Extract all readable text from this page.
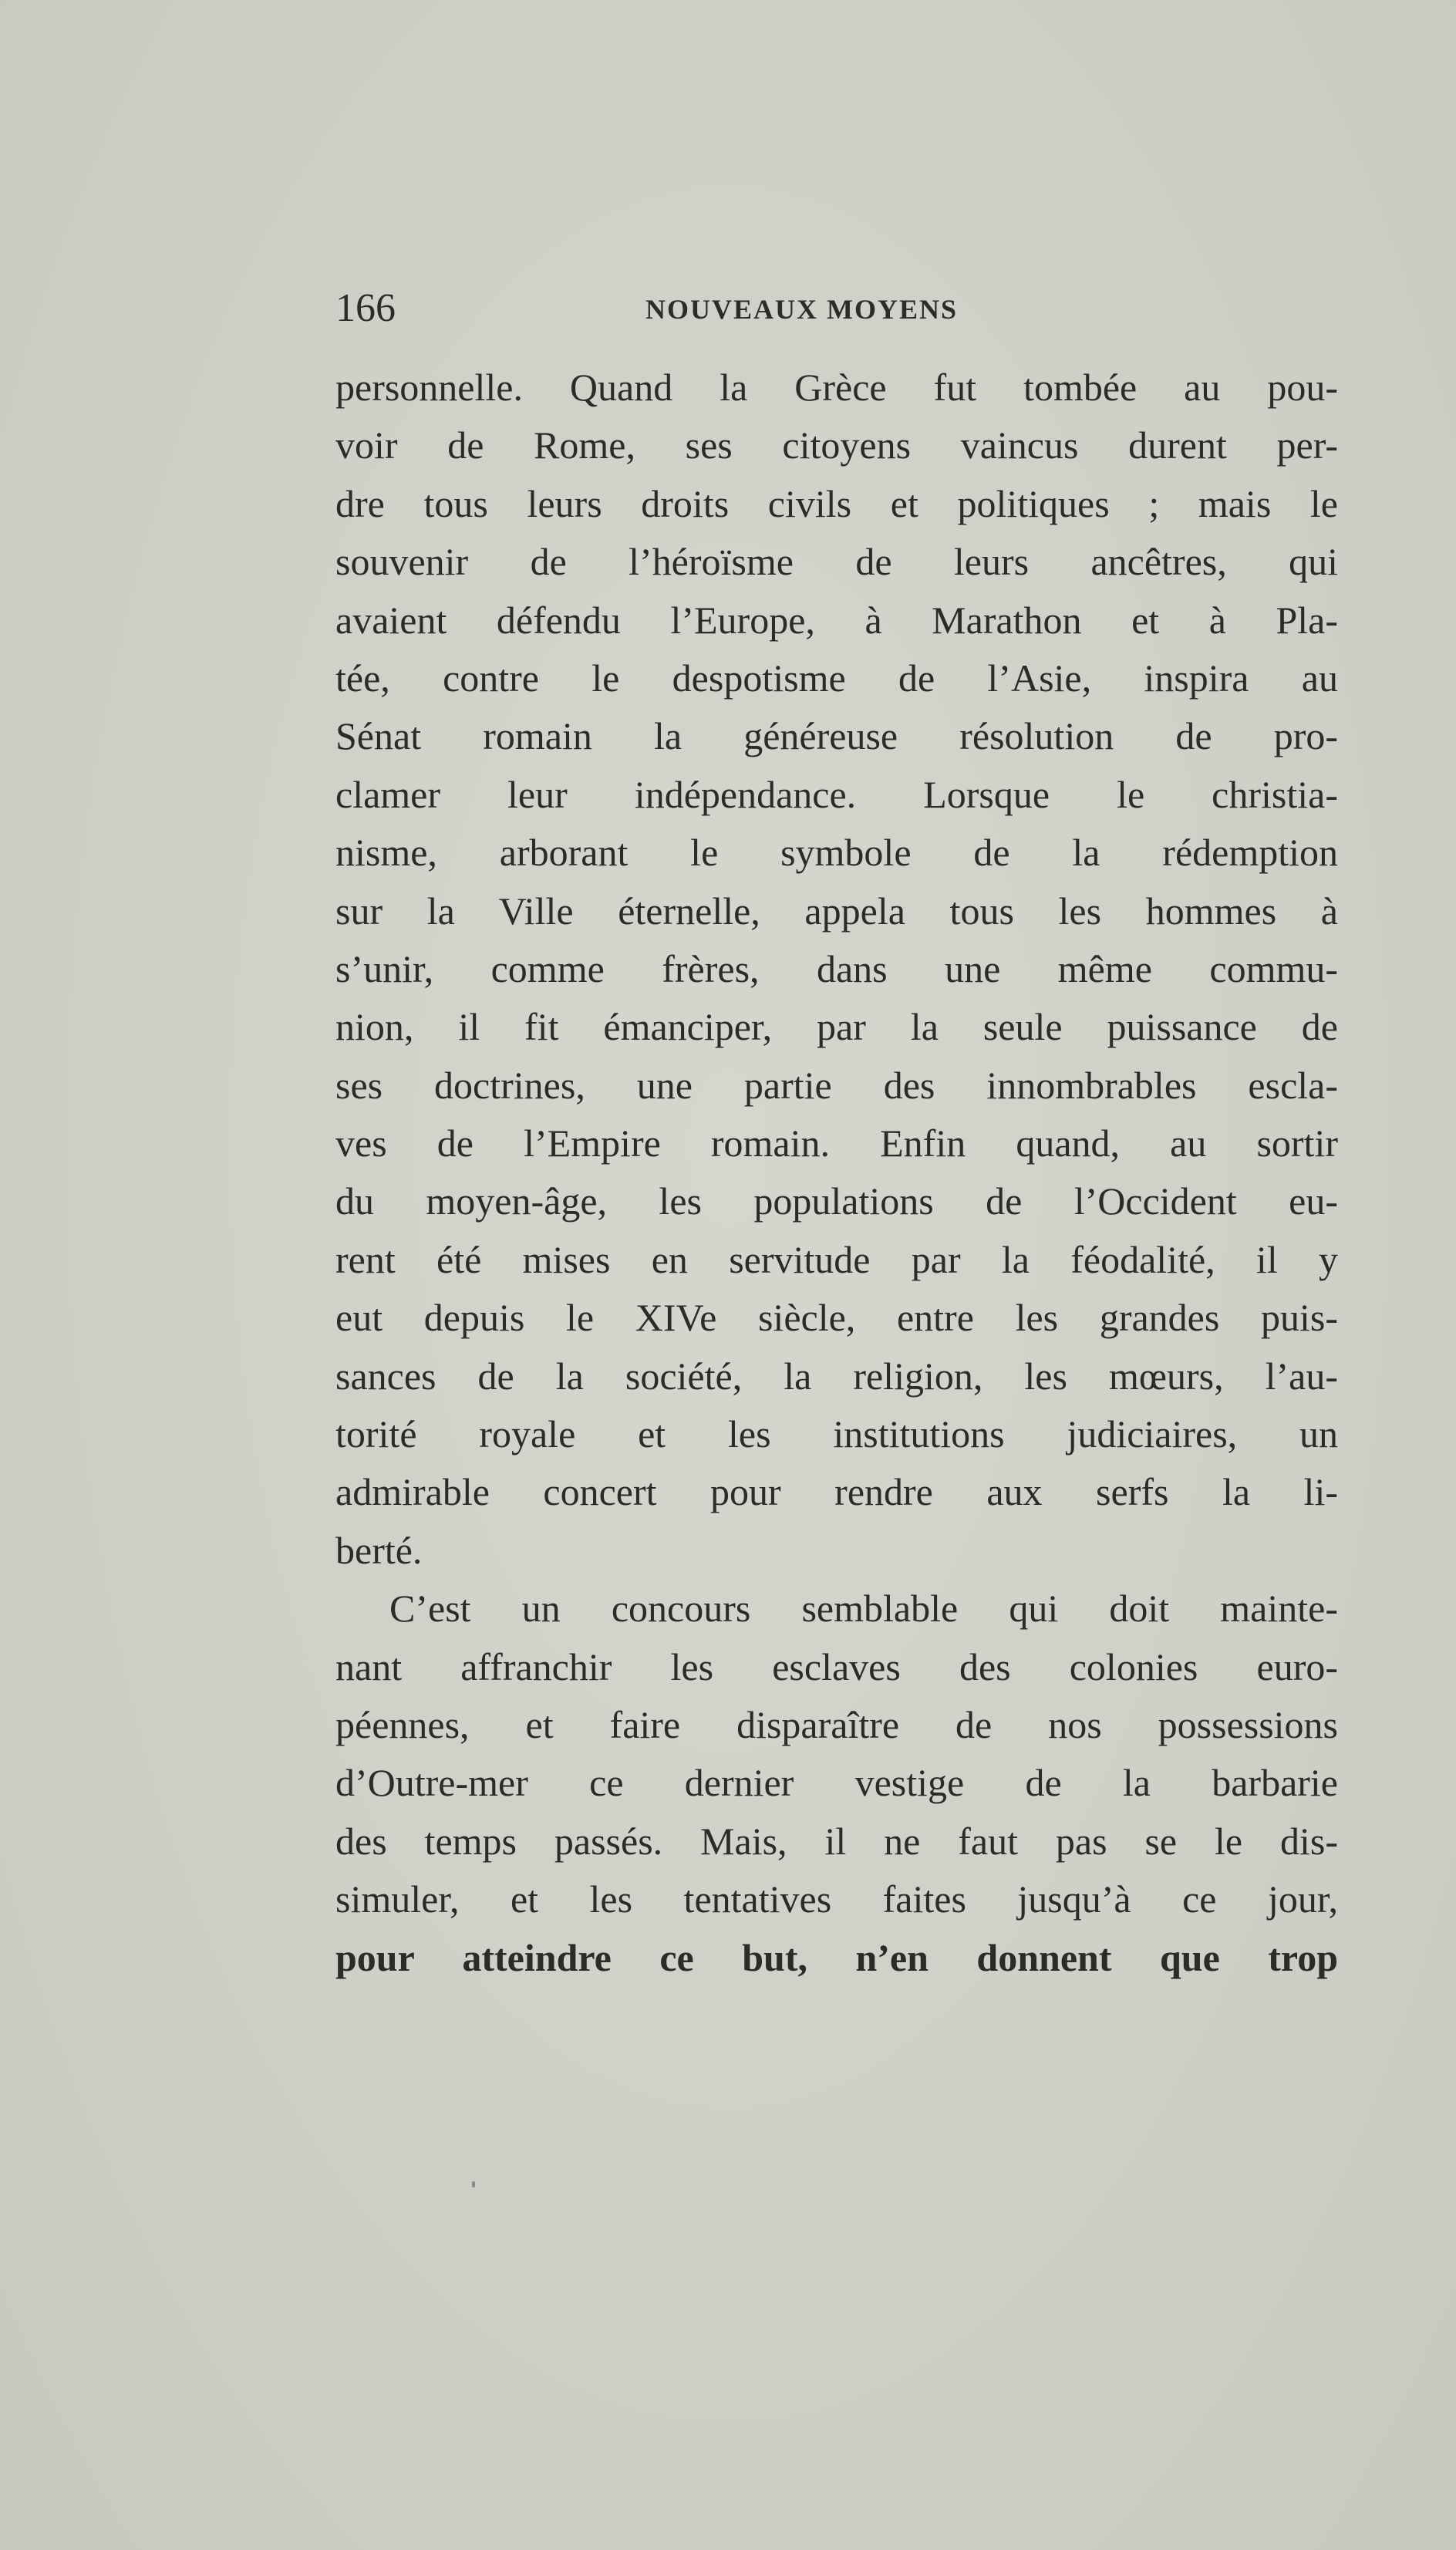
166	NOUVEAUX MOYENS
personnelle. Quand la Grèce fut tombée au pou-
voir de Rome, ses citoyens vaincus durent per-
dre tous leurs droits civils et politiques ; mais le
souvenir de l’héroïsme de leurs ancêtres, qui
avaient défendu l’Europe, à Marathon et à Pla-
tée, contre le despotisme de l’Asie, inspira au
Sénat romain la généreuse résolution de pro-
clamer leur indépendance. Lorsque le christia-
nisme, arborant le symbole de la rédemption
sur la Ville éternelle, appela tous les hommes à
s’unir, comme frères, dans une même commu-
nion, il fit émanciper, par la seule puissance de
ses doctrines, une partie des innombrables escla-
ves de l’Empire romain. Enfin quand, au sortir
du moyen-âge, les populations de l’Occident eu-
rent été mises en servitude par la féodalité, il y
eut depuis le XIVe siècle, entre les grandes puis-
sances de la société, la religion, les mœurs, l’au-
torité royale et les institutions judiciaires, un
admirable concert pour rendre aux serfs la li-
berté.
C’est un concours semblable qui doit mainte-
nant affranchir les esclaves des colonies euro-
péennes, et faire disparaître de nos possessions
d’Outre-mer ce dernier vestige de la barbarie
des temps passés. Mais, il ne faut pas se le dis-
simuler, et les tentatives faites jusqu’à ce jour,
pour atteindre ce but, n’en donnent que trop
